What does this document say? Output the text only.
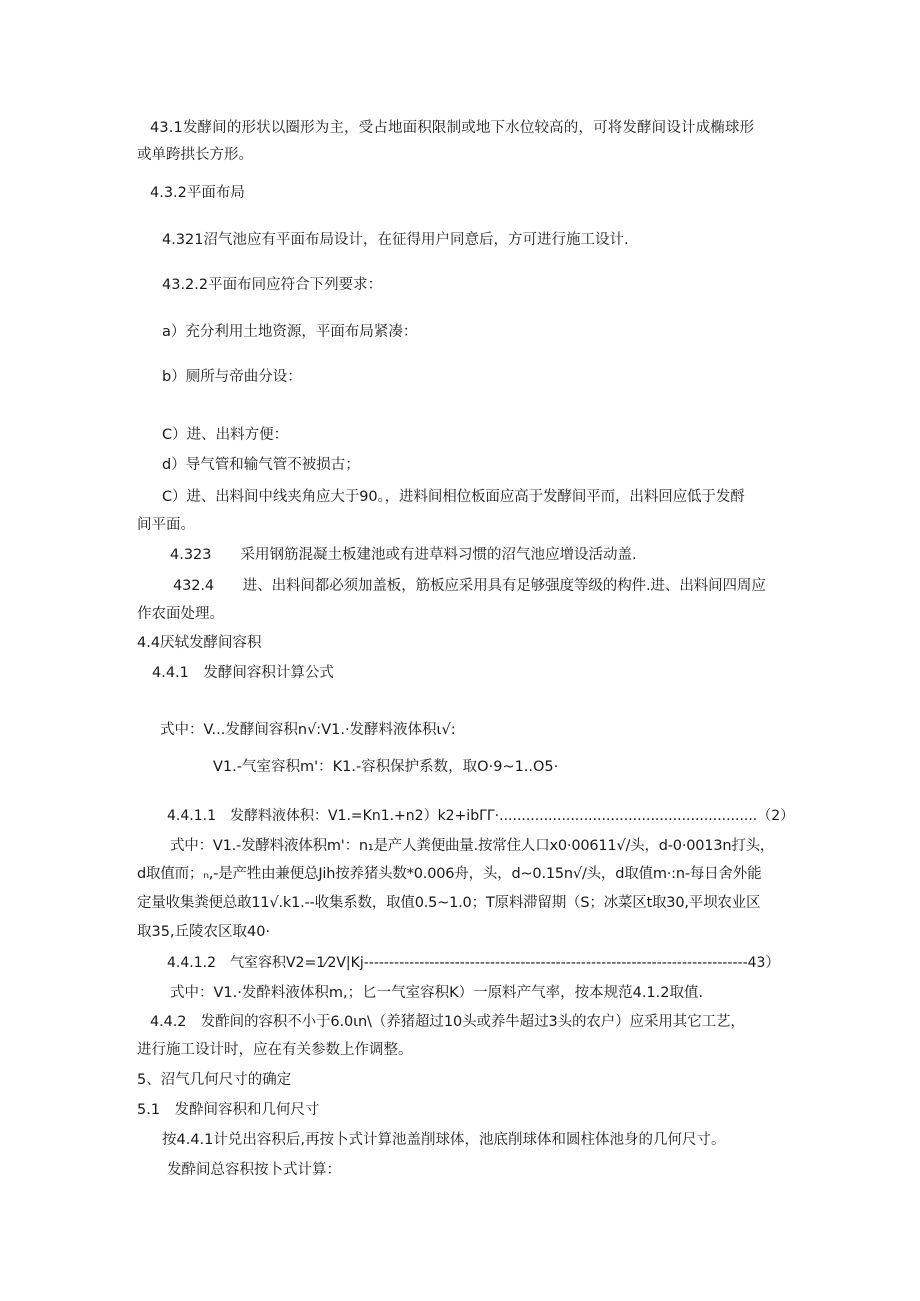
43.1发酵间的形状以圈形为主，受占地面积限制或地下水位较高的，可将发酵间设计成椭球形
或单跨拱长方形。
4.3.2平面布局
4.321沼气池应有平面布局设计，在征得用户同意后，方可进行施工设计.
43.2.2平面布同应符合下列要求：
a）充分利用土地资源，平面布局紧凑：
b）厕所与帝曲分设：
C）进、出料方便：
d）导气管和输气管不被损古；
C）进、出料间中线夹角应大于90。，进料间相位板面应高于发酵间平而，出料回应低于发酹
间平面。
4.323　　采用钢筋混凝土板建池或有进草料习惯的沼气池应增设活动盖.
432.4　　进、出料间都必须加盖板，筋板应采用具有足够强度等级的构件.进、出料间四周应
作农面处理。
4.4厌轼发酵间容积
4.4.1　发酵间容积计算公式
式中：V...发酵间容积n√:V1.·发酵料液体积ι√:
V1.-气室容积m'：K1.-容积保护系数，取O·9~1..O5·
4.4.1.1　发酵料液体积：V1.=Kn1.+n2）k2+ibΓΓ·..........................................................（2）
式中：V1.-发酵料液体积m'：n₁是产人粪便曲量.按常住人口x0·00611√/头，d-0·0013n打头，
d取值而；ₙ,-是产牲由兼便总Jih按养猪头数*0.006舟，头，d~0.15n√/头，d取值m·:n-每日舍外能
定量收集粪便总敢11√.k1.--收集系数，取值0.5~1.0；T原料滞留期（S；冰菜区t取30,平坝农业区
取35,丘陵农区取40·
4.4.1.2　气室容积V2=1⁄2V|Kj----------------------------------------------------------------------------43）
式中：V1.·发酔料液体积m,；匕一气室容积K）一原料产气率，按本规范4.1.2取值.
4.4.2　发酢间的容积不小于6.0ιn\（养猪超过10头或养牛超过3头的农户）应采用其它工艺，
进行施工设计时，应在有关参数上作调整。
5、沼气几何尺寸的确定
5.1　发酔间容积和几何尺寸
按4.4.1计兑出容积后,再按卜式计算池盖削球体，池底削球体和圆柱体池身的几何尺寸。
发酔间总容积按卜式计算：
